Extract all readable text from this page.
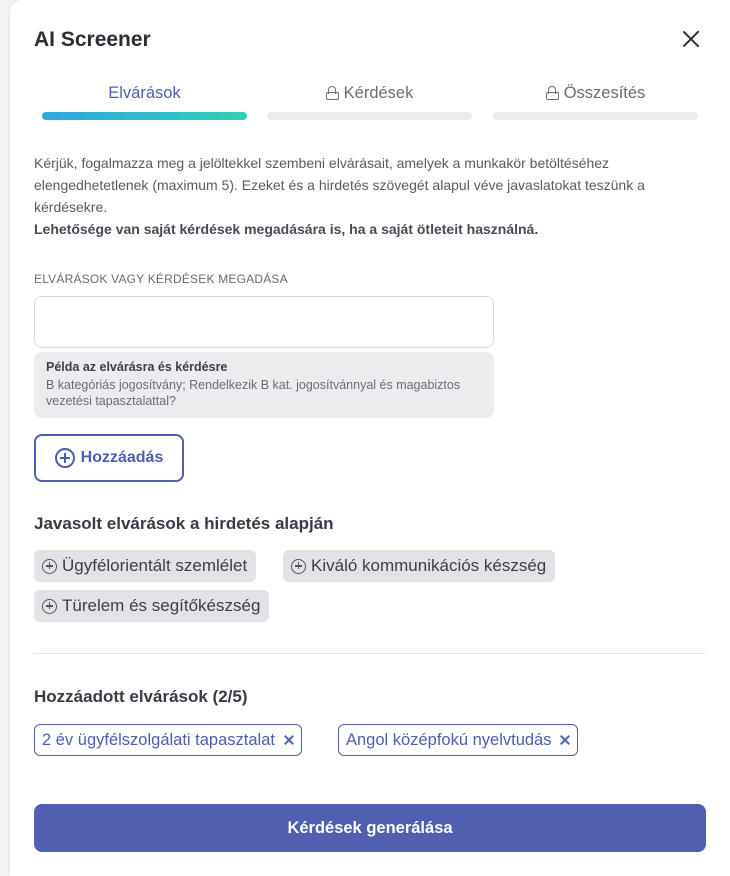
AI Screener
Elvárások	Kérdések	Összesítés
Kérjük, fogalmazza meg a jelöltekkel szembeni elvárásait, amelyek a munkakör betöltéséhez elengedhetetlenek (maximum 5). Ezeket és a hirdetés szövegét alapul véve javaslatokat teszünk a kérdésekre.
Lehetősége van saját kérdések megadására is, ha a saját ötleteit használná.
ELVÁRÁSOK VAGY KÉRDÉSEK MEGADÁSA
Példa az elvárásra és kérdésre
B kategóriás jogosítvány; Rendelkezik B kat. jogosítvánnyal és magabiztos vezetési tapasztalattal?
Hozzáadás
Javasolt elvárások a hirdetés alapján
Ügyfélorientált szemlélet	Kiváló kommunikációs készség
Türelem és segítőkészség
Hozzáadott elvárások (2/5)
2 év ügyfélszolgálati tapasztalat	Angol középfokú nyelvtudás
Kérdések generálása
